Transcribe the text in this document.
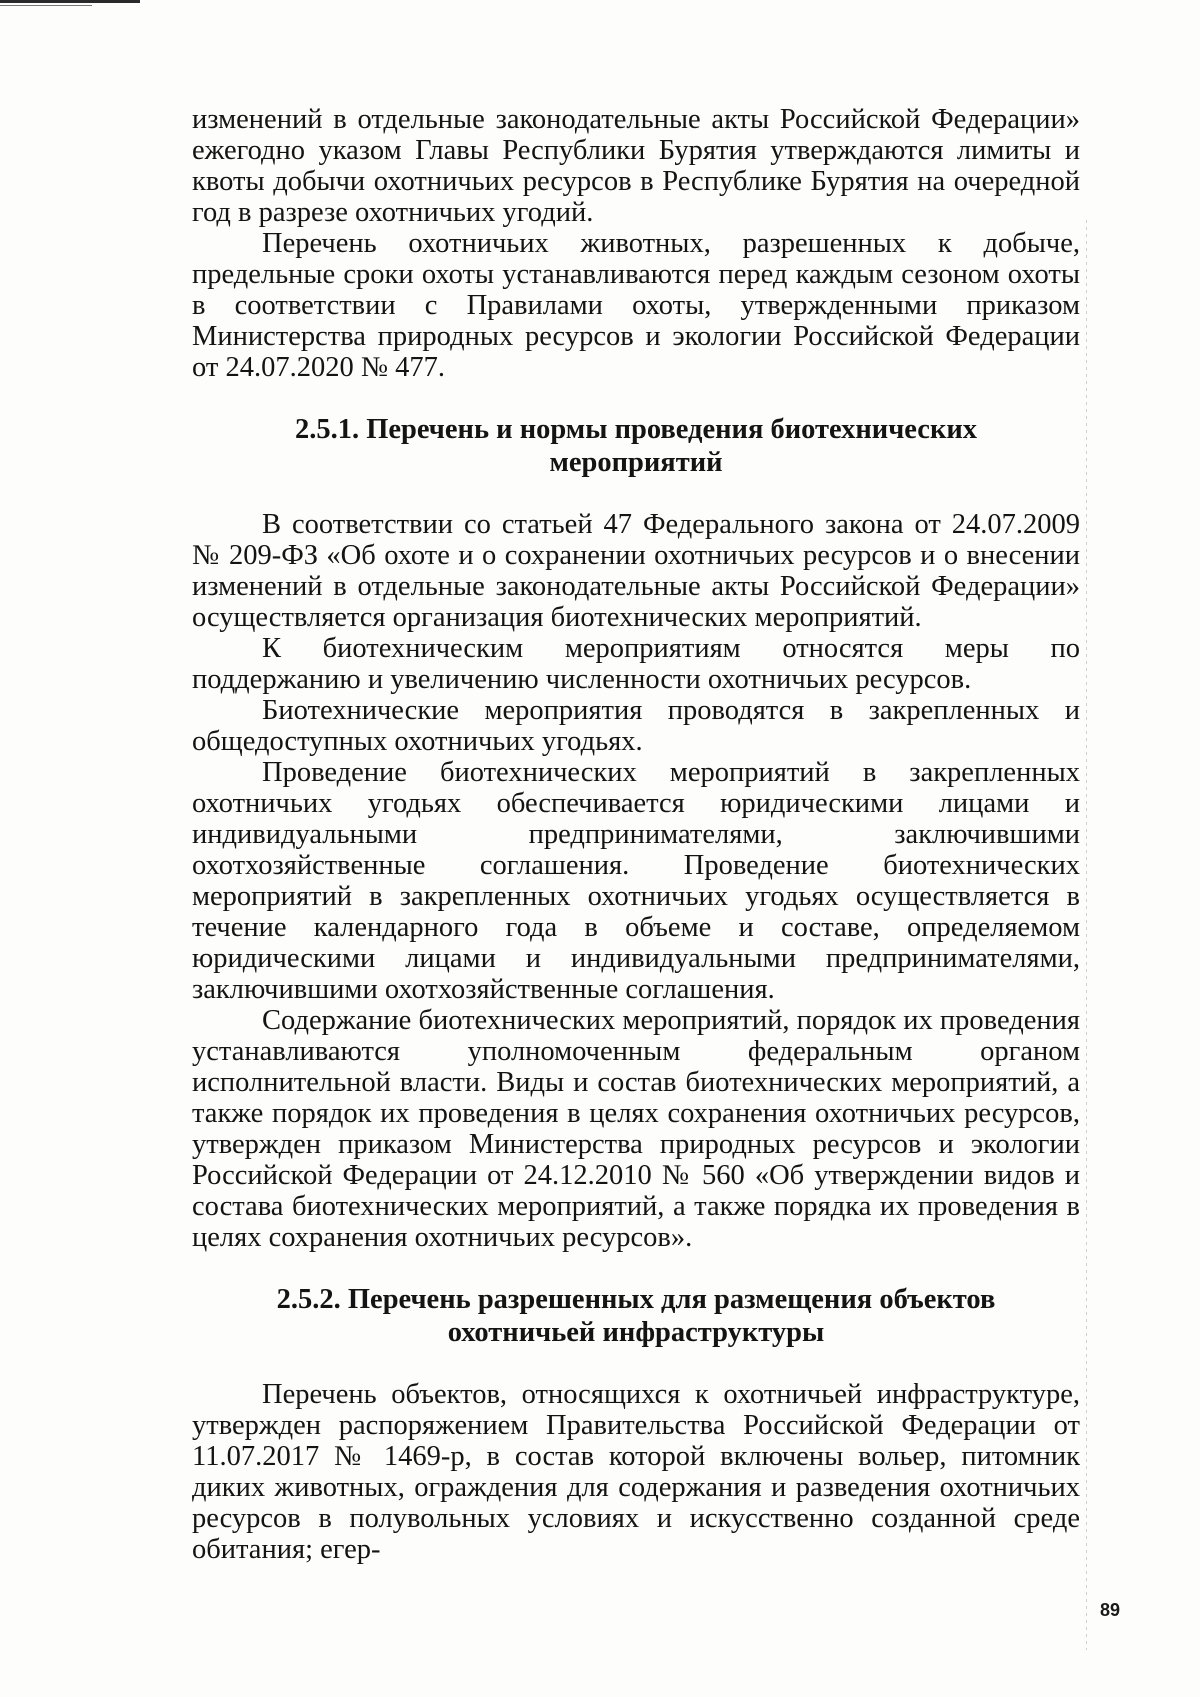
изменений в отдельные законодательные акты Российской Федерации» ежегодно указом Главы Республики Бурятия утверждаются лимиты и квоты добычи охотничьих ресурсов в Республике Бурятия на очередной год в разрезе охотничьих угодий.

Перечень охотничьих животных, разрешенных к добыче, предельные сроки охоты устанавливаются перед каждым сезоном охоты в соответствии с Правилами охоты, утвержденными приказом Министерства природных ресурсов и экологии Российской Федерации от 24.07.2020 № 477.

2.5.1. Перечень и нормы проведения биотехнических
мероприятий

В соответствии со статьей 47 Федерального закона от 24.07.2009 № 209-ФЗ «Об охоте и о сохранении охотничьих ресурсов и о внесении изменений в отдельные законодательные акты Российской Федерации» осуществляется организация биотехнических мероприятий.

К биотехническим мероприятиям относятся меры по поддержанию и увеличению численности охотничьих ресурсов.

Биотехнические мероприятия проводятся в закрепленных и общедоступных охотничьих угодьях.

Проведение биотехнических мероприятий в закрепленных охотничьих угодьях обеспечивается юридическими лицами и индивидуальными предпринимателями, заключившими охотхозяйственные соглашения. Проведение биотехнических мероприятий в закрепленных охотничьих угодьях осуществляется в течение календарного года в объеме и составе, определяемом юридическими лицами и индивидуальными предпринимателями, заключившими охотхозяйственные соглашения.

Содержание биотехнических мероприятий, порядок их проведения устанавливаются уполномоченным федеральным органом исполнительной власти. Виды и состав биотехнических мероприятий, а также порядок их проведения в целях сохранения охотничьих ресурсов, утвержден приказом Министерства природных ресурсов и экологии Российской Федерации от 24.12.2010 № 560 «Об утверждении видов и состава биотехнических мероприятий, а также порядка их проведения в целях сохранения охотничьих ресурсов».

2.5.2. Перечень разрешенных для размещения объектов
охотничьей инфраструктуры

Перечень объектов, относящихся к охотничьей инфраструктуре, утвержден распоряжением Правительства Российской Федерации от 11.07.2017 № 1469-р, в состав которой включены вольер, питомник диких животных, ограждения для содержания и разведения охотничьих ресурсов в полувольных условиях и искусственно созданной среде обитания; егер-

89
